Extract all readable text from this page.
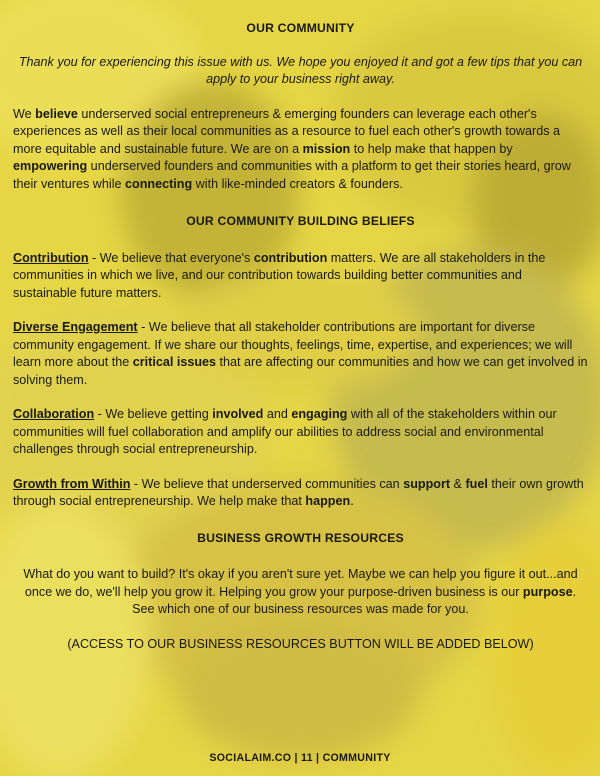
OUR COMMUNITY

Thank you for experiencing this issue with us. We hope you enjoyed it and got a few tips that you can apply to your business right away.

We believe underserved social entrepreneurs & emerging founders can leverage each other's experiences as well as their local communities as a resource to fuel each other's growth towards a more equitable and sustainable future. We are on a mission to help make that happen by empowering underserved founders and communities with a platform to get their stories heard, grow their ventures while connecting with like-minded creators & founders.

OUR COMMUNITY BUILDING BELIEFS

Contribution - We believe that everyone's contribution matters. We are all stakeholders in the communities in which we live, and our contribution towards building better communities and sustainable future matters.

Diverse Engagement - We believe that all stakeholder contributions are important for diverse community engagement. If we share our thoughts, feelings, time, expertise, and experiences; we will learn more about the critical issues that are affecting our communities and how we can get involved in solving them.

Collaboration - We believe getting involved and engaging with all of the stakeholders within our communities will fuel collaboration and amplify our abilities to address social and environmental challenges through social entrepreneurship.

Growth from Within - We believe that underserved communities can support & fuel their own growth through social entrepreneurship. We help make that happen.

BUSINESS GROWTH RESOURCES

What do you want to build? It's okay if you aren't sure yet. Maybe we can help you figure it out...and once we do, we'll help you grow it. Helping you grow your purpose-driven business is our purpose. See which one of our business resources was made for you.

(ACCESS TO OUR BUSINESS RESOURCES BUTTON WILL BE ADDED BELOW)

SOCIALAIM.CO | 11 | COMMUNITY
